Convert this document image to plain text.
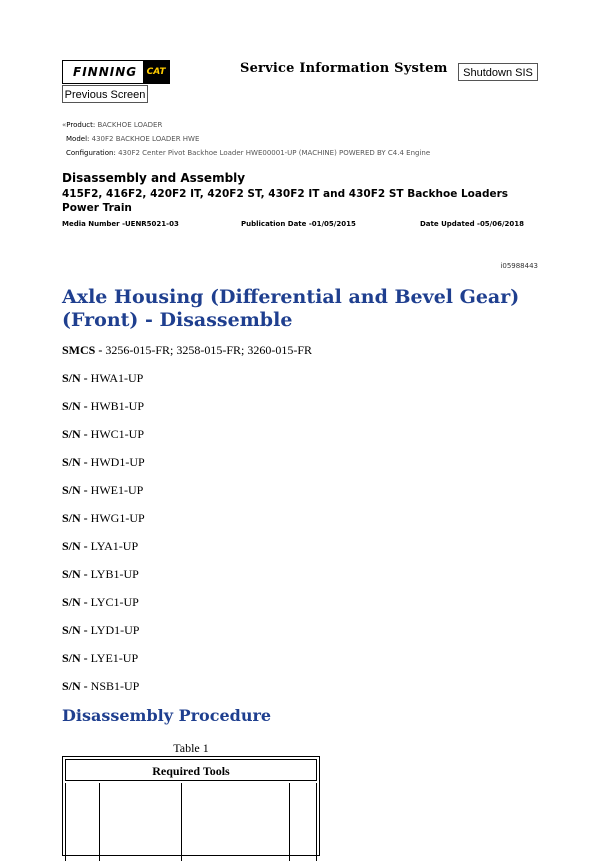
FINNING	CAT	Service Information System	Shutdown SIS
Previous Screen
«Product: BACKHOE LOADER
Model: 430F2 BACKHOE LOADER HWE
Configuration: 430F2 Center Pivot Backhoe Loader HWE00001-UP (MACHINE) POWERED BY C4.4 Engine
Disassembly and Assembly
415F2, 416F2, 420F2 IT, 420F2 ST, 430F2 IT and 430F2 ST Backhoe Loaders Power Train
Media Number -UENR5021-03	Publication Date -01/05/2015	Date Updated -05/06/2018
i05988443
Axle Housing (Differential and Bevel Gear) (Front) - Disassemble
SMCS - 3256-015-FR; 3258-015-FR; 3260-015-FR
S/N - HWA1-UP
S/N - HWB1-UP
S/N - HWC1-UP
S/N - HWD1-UP
S/N - HWE1-UP
S/N - HWG1-UP
S/N - LYA1-UP
S/N - LYB1-UP
S/N - LYC1-UP
S/N - LYD1-UP
S/N - LYE1-UP
S/N - NSB1-UP
Disassembly Procedure
Table 1
Required Tools
